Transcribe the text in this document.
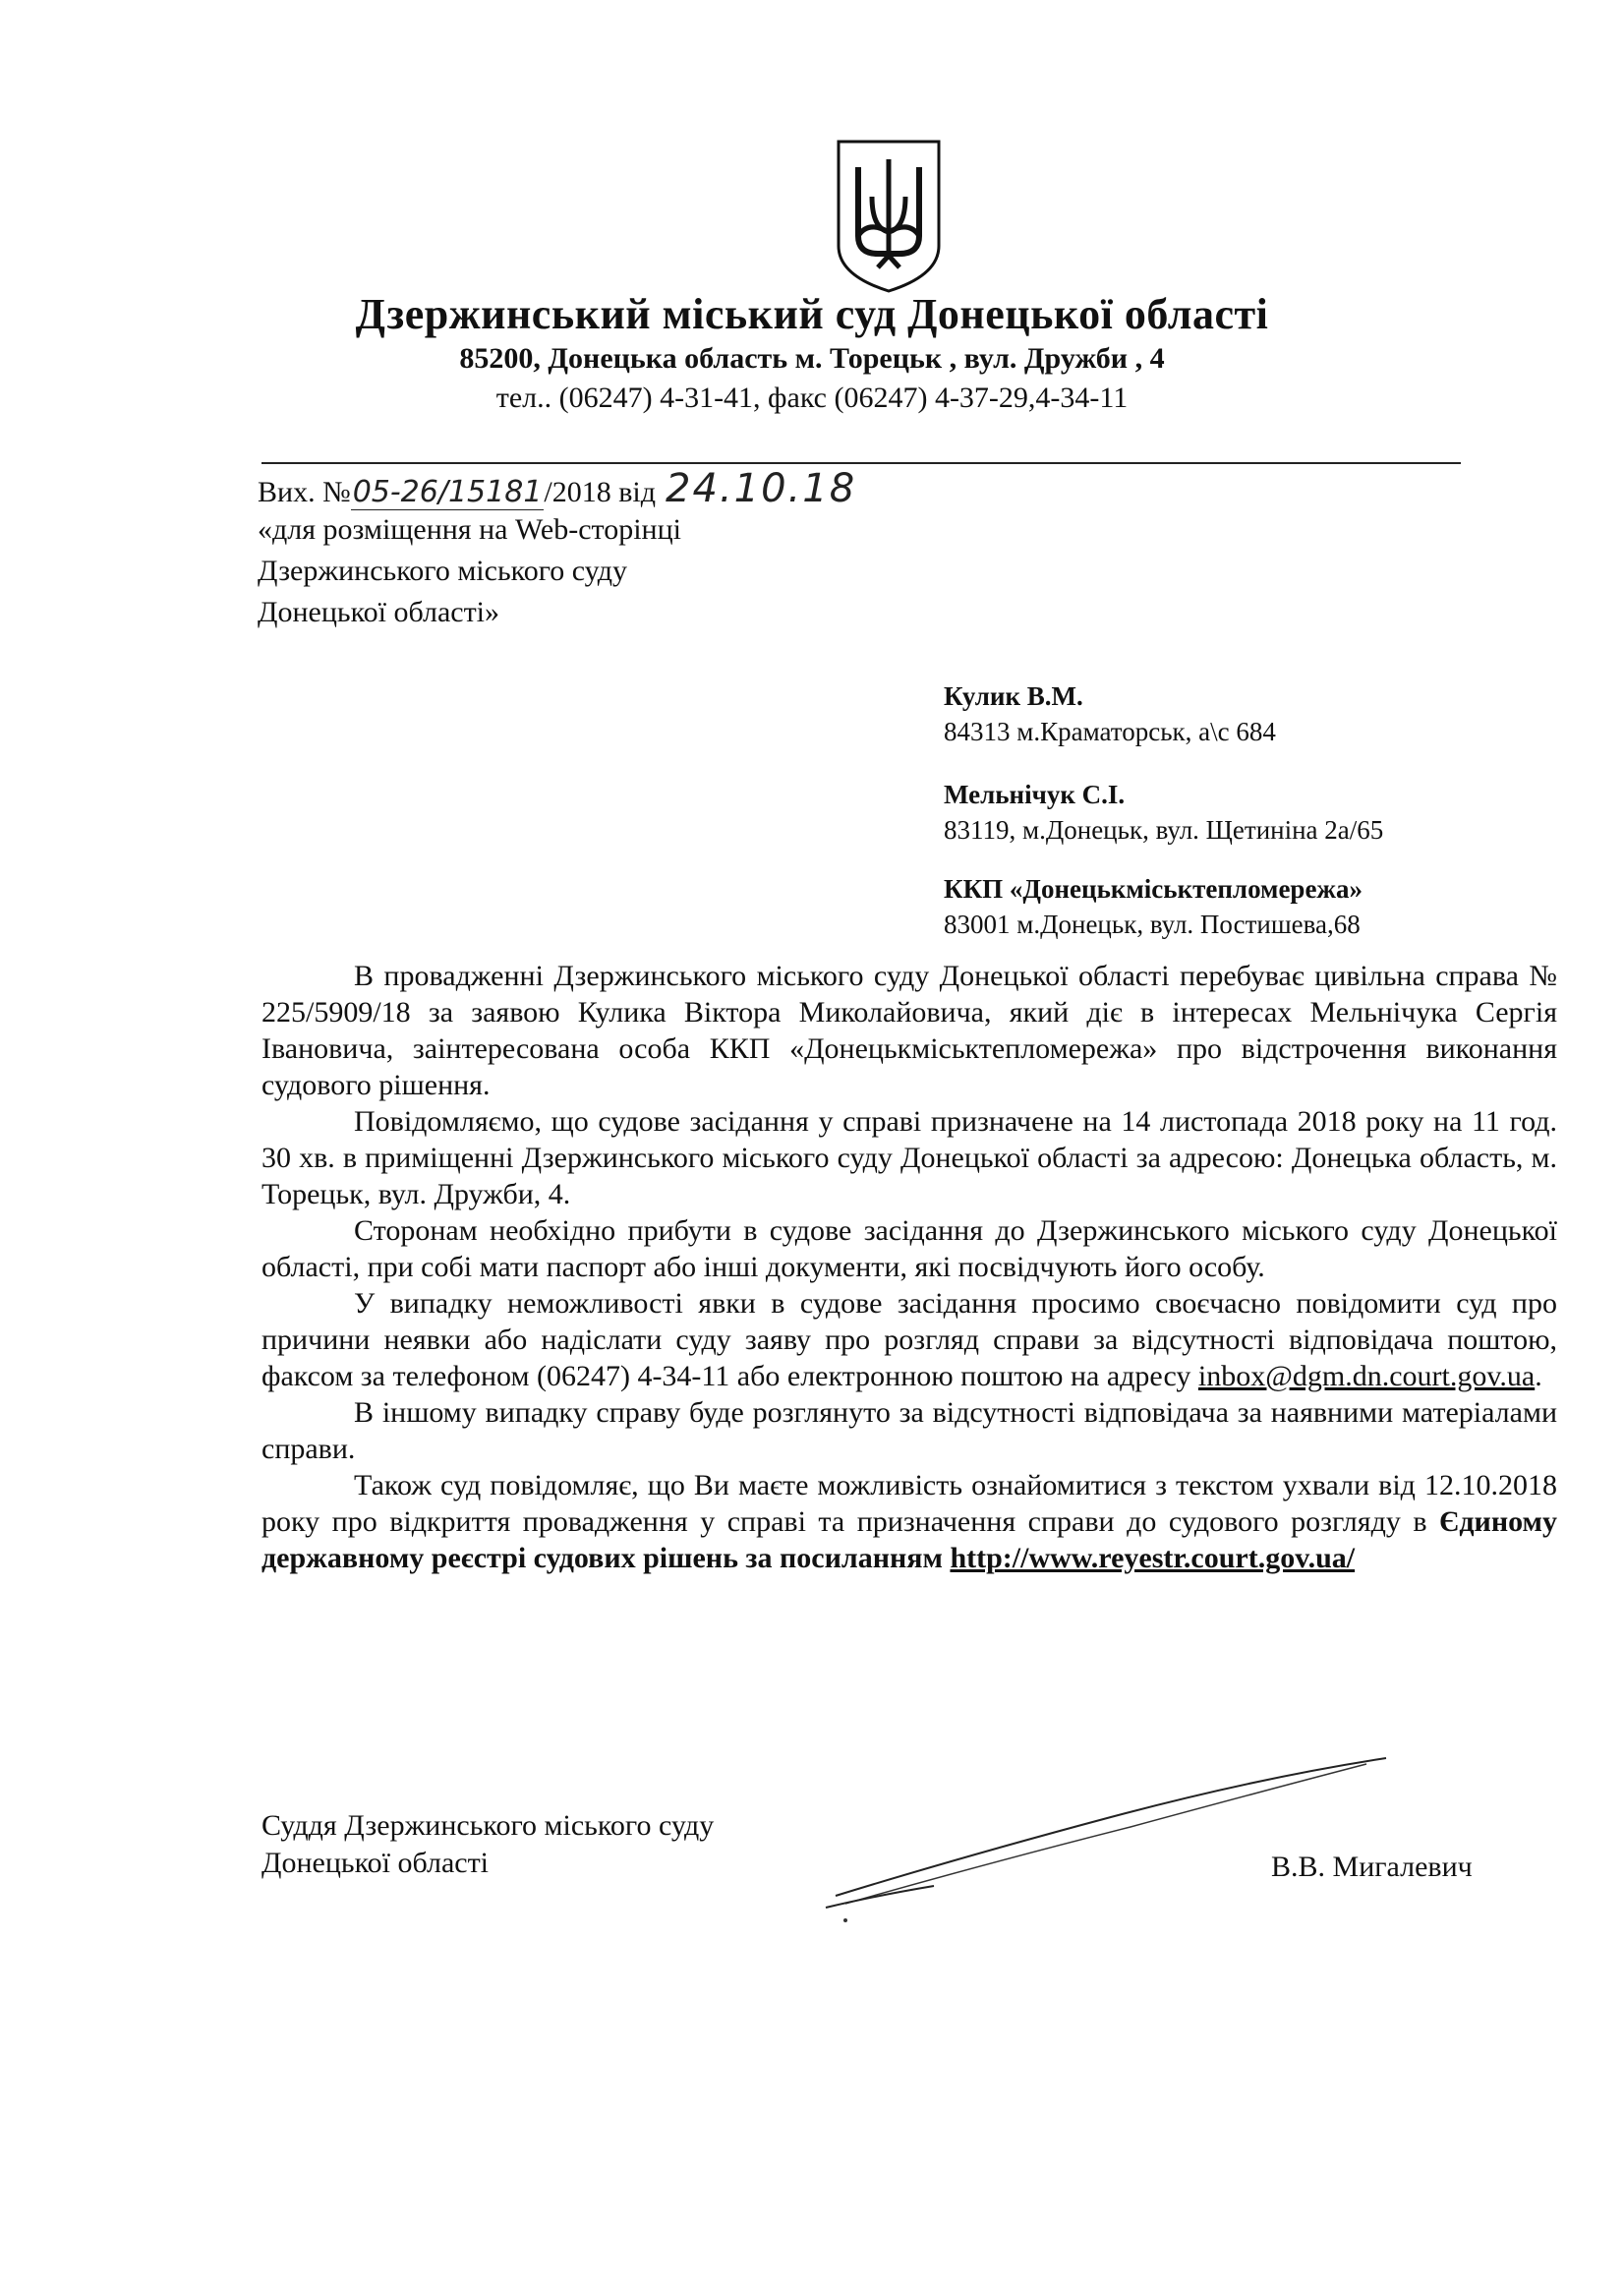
Дзержинський міський суд Донецької області
85200, Донецька область м. Торецьк , вул. Дружби , 4
тел.. (06247) 4-31-41, факс (06247) 4-37-29,4-34-11
Вих. №05-26/15181/2018 від 24.10.18
«для розміщення на Web-сторінці
Дзержинського міського суду
Донецької області»
Кулик В.М.
84313 м.Краматорськ, а\с 684
Мельнічук С.І.
83119, м.Донецьк, вул. Щетиніна 2а/65
ККП «Донецькміськтепломережа»
83001 м.Донецьк, вул. Постишева,68

В провадженні Дзержинського міського суду Донецької області перебуває цивільна справа № 225/5909/18 за заявою Кулика Віктора Миколайовича, який діє в інтересах Мельнічука Сергія Івановича, заінтересована особа ККП «Донецькміськтепломережа» про відстрочення виконання судового рішення.

Повідомляємо, що судове засідання у справі призначене на 14 листопада 2018 року на 11 год. 30 хв. в приміщенні Дзержинського міського суду Донецької області за адресою: Донецька область, м. Торецьк, вул. Дружби, 4.

Сторонам необхідно прибути в судове засідання до Дзержинського міського суду Донецької області, при собі мати паспорт або інші документи, які посвідчують його особу.

У випадку неможливості явки в судове засідання просимо своєчасно повідомити суд про причини неявки або надіслати суду заяву про розгляд справи за відсутності відповідача поштою, факсом за телефоном (06247) 4-34-11 або електронною поштою на адресу inbox@dgm.dn.court.gov.ua.

В іншому випадку справу буде розглянуто за відсутності відповідача за наявними матеріалами справи.

Також суд повідомляє, що Ви маєте можливість ознайомитися з текстом ухвали від 12.10.2018 року про відкриття провадження у справі та призначення справи до судового розгляду в Єдиному державному реєстрі судових рішень за посиланням http://www.reyestr.court.gov.ua/

Суддя Дзержинського міського суду
Донецької області	В.В. Мигалевич
